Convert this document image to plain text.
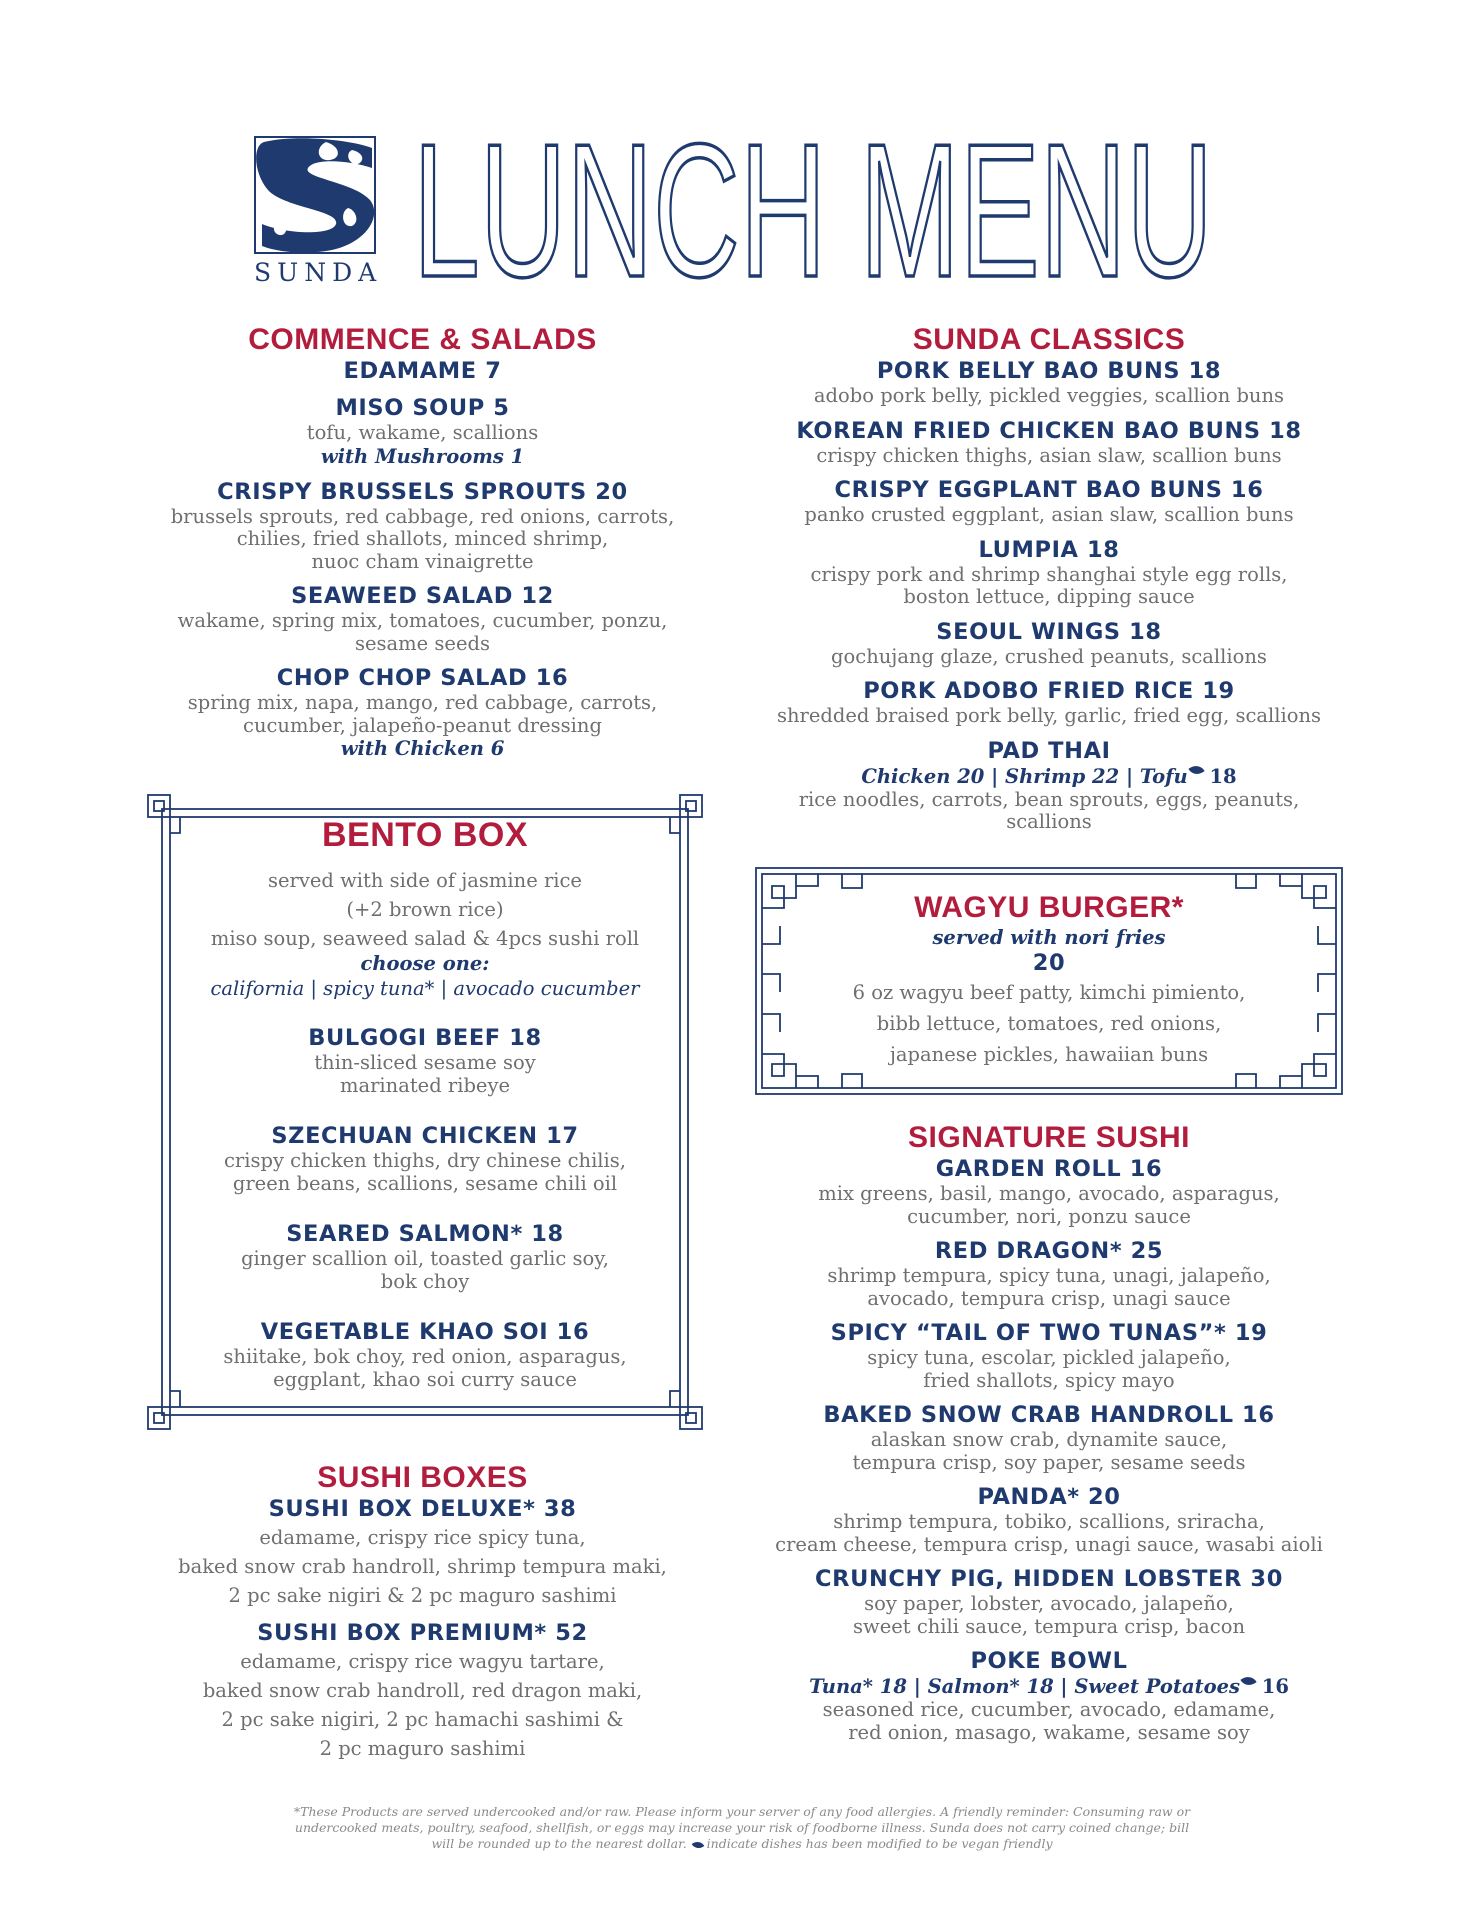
SUNDA LUNCH MENU
COMMENCE & SALADS
EDAMAME 7
MISO SOUP 5
tofu, wakame, scallions
with Mushrooms 1
CRISPY BRUSSELS SPROUTS 20
brussels sprouts, red cabbage, red onions, carrots,
chilies, fried shallots, minced shrimp,
nuoc cham vinaigrette
SEAWEED SALAD 12
wakame, spring mix, tomatoes, cucumber, ponzu,
sesame seeds
CHOP CHOP SALAD 16
spring mix, napa, mango, red cabbage, carrots,
cucumber, jalapeño-peanut dressing
with Chicken 6
BENTO BOX
served with side of jasmine rice
(+2 brown rice)
miso soup, seaweed salad & 4pcs sushi roll
choose one:
california | spicy tuna* | avocado cucumber
BULGOGI BEEF 18
thin-sliced sesame soy
marinated ribeye
SZECHUAN CHICKEN 17
crispy chicken thighs, dry chinese chilis,
green beans, scallions, sesame chili oil
SEARED SALMON* 18
ginger scallion oil, toasted garlic soy,
bok choy
VEGETABLE KHAO SOI 16
shiitake, bok choy, red onion, asparagus,
eggplant, khao soi curry sauce
SUSHI BOXES
SUSHI BOX DELUXE* 38
edamame, crispy rice spicy tuna,
baked snow crab handroll, shrimp tempura maki,
2 pc sake nigiri & 2 pc maguro sashimi
SUSHI BOX PREMIUM* 52
edamame, crispy rice wagyu tartare,
baked snow crab handroll, red dragon maki,
2 pc sake nigiri, 2 pc hamachi sashimi &
2 pc maguro sashimi
SUNDA CLASSICS
PORK BELLY BAO BUNS 18
adobo pork belly, pickled veggies, scallion buns
KOREAN FRIED CHICKEN BAO BUNS 18
crispy chicken thighs, asian slaw, scallion buns
CRISPY EGGPLANT BAO BUNS 16
panko crusted eggplant, asian slaw, scallion buns
LUMPIA 18
crispy pork and shrimp shanghai style egg rolls,
boston lettuce, dipping sauce
SEOUL WINGS 18
gochujang glaze, crushed peanuts, scallions
PORK ADOBO FRIED RICE 19
shredded braised pork belly, garlic, fried egg, scallions
PAD THAI
Chicken 20 | Shrimp 22 | Tofu 18
rice noodles, carrots, bean sprouts, eggs, peanuts, scallions
WAGYU BURGER*
served with nori fries
20
6 oz wagyu beef patty, kimchi pimiento,
bibb lettuce, tomatoes, red onions,
japanese pickles, hawaiian buns
SIGNATURE SUSHI
GARDEN ROLL 16
mix greens, basil, mango, avocado, asparagus,
cucumber, nori, ponzu sauce
RED DRAGON* 25
shrimp tempura, spicy tuna, unagi, jalapeño,
avocado, tempura crisp, unagi sauce
SPICY “TAIL OF TWO TUNAS”* 19
spicy tuna, escolar, pickled jalapeño,
fried shallots, spicy mayo
BAKED SNOW CRAB HANDROLL 16
alaskan snow crab, dynamite sauce,
tempura crisp, soy paper, sesame seeds
PANDA* 20
shrimp tempura, tobiko, scallions, sriracha,
cream cheese, tempura crisp, unagi sauce, wasabi aioli
CRUNCHY PIG, HIDDEN LOBSTER 30
soy paper, lobster, avocado, jalapeño,
sweet chili sauce, tempura crisp, bacon
POKE BOWL
Tuna* 18 | Salmon* 18 | Sweet Potatoes 16
seasoned rice, cucumber, avocado, edamame,
red onion, masago, wakame, sesame soy
*These Products are served undercooked and/or raw. Please inform your server of any food allergies. A friendly reminder: Consuming raw or
undercooked meats, poultry, seafood, shellfish, or eggs may increase your risk of foodborne illness. Sunda does not carry coined change; bill
will be rounded up to the nearest dollar. indicate dishes has been modified to be vegan friendly
